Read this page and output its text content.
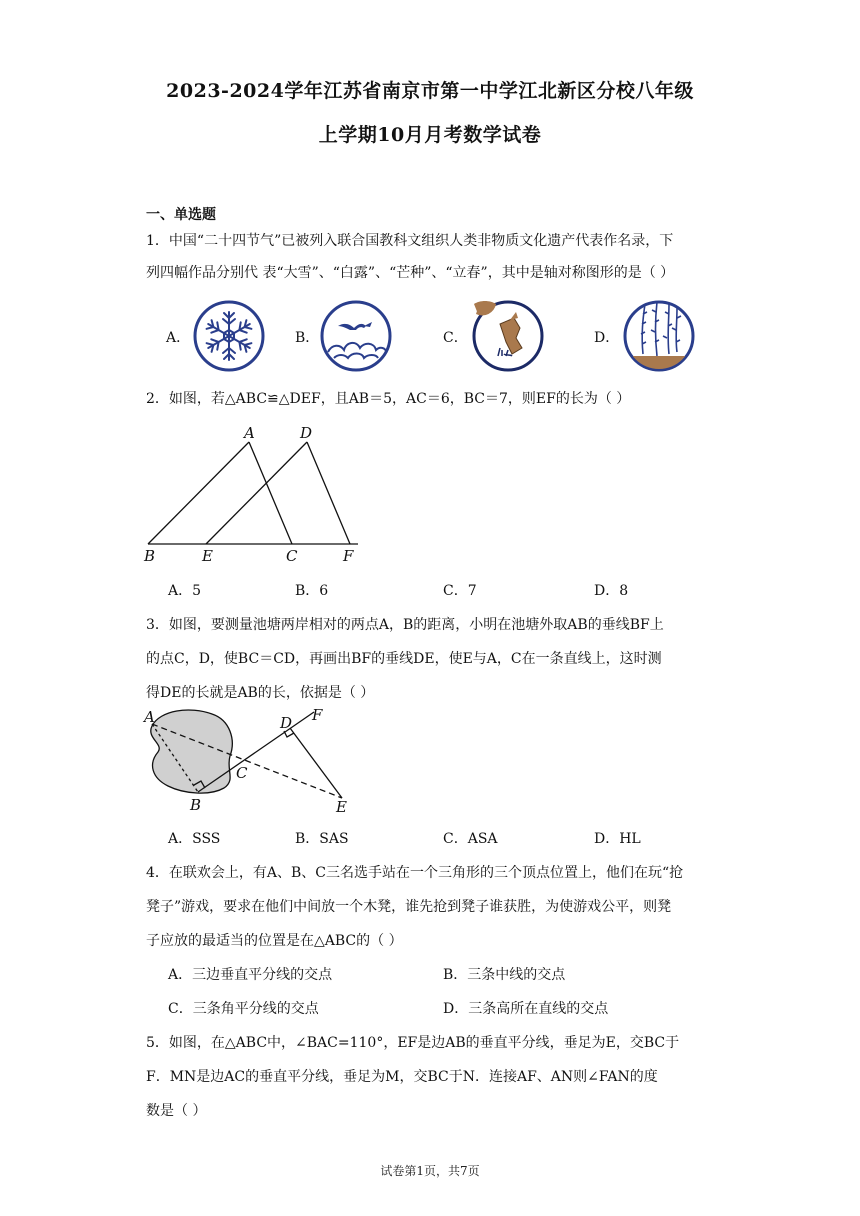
2023-2024学年江苏省南京市第一中学江北新区分校八年级
上学期10月月考数学试卷
一、单选题
1．中国“二十四节气”已被列入联合国教科文组织人类非物质文化遗产代表作名录，下
列四幅作品分别代 表“大雪”、“白露”、“芒种”、“立春”，其中是轴对称图形的是（ ）
A．	B．	C．	D．
2．如图，若△ABC≌△DEF，且AB＝5，AC＝6，BC＝7，则EF的长为（ ）
A	D
B	E	C	F
A．5	B．6	C．7	D．8
3．如图，要测量池塘两岸相对的两点A，B的距离，小明在池塘外取AB的垂线BF上
的点C，D，使BC＝CD，再画出BF的垂线DE，使E与A，C在一条直线上，这时测
得DE的长就是AB的长，依据是（ ）
A
B
C
D
E
F
A．SSS	B．SAS	C．ASA	D．HL
4．在联欢会上，有A、B、C三名选手站在一个三角形的三个顶点位置上，他们在玩“抢
凳子”游戏，要求在他们中间放一个木凳，谁先抢到凳子谁获胜，为使游戏公平，则凳
子应放的最适当的位置是在△ABC的（ ）
A．三边垂直平分线的交点	B．三条中线的交点
C．三条角平分线的交点	D．三条高所在直线的交点
5．如图，在△ABC中，∠BAC=110°，EF是边AB的垂直平分线，垂足为E，交BC于
F．MN是边AC的垂直平分线，垂足为M，交BC于N．连接AF、AN则∠FAN的度
数是（ ）
试卷第1页，共7页
